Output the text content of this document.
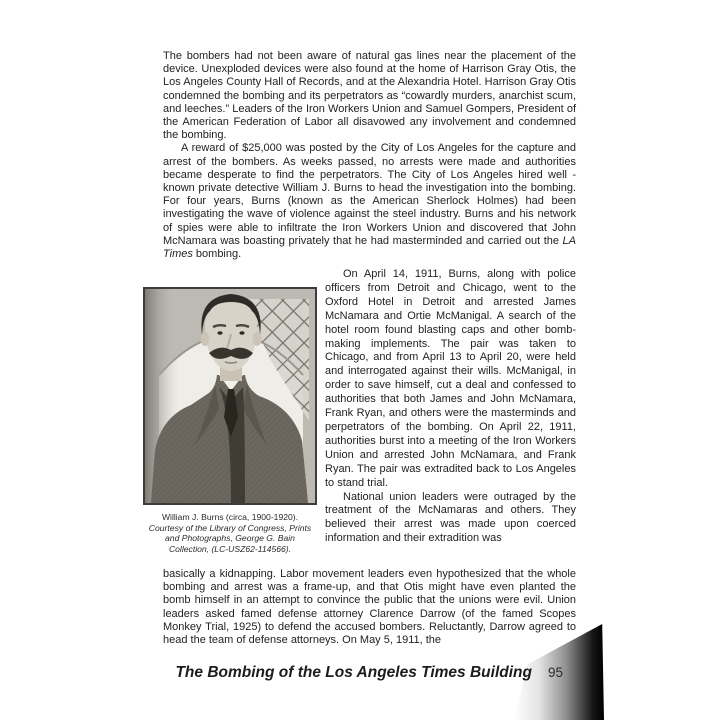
The bombers had not been aware of natural gas lines near the placement of the device. Unexploded devices were also found at the home of Harrison Gray Otis, the Los Angeles County Hall of Records, and at the Alexandria Hotel. Harrison Gray Otis condemned the bombing and its perpetrators as “cowardly murders, anarchist scum, and leeches.” Leaders of the Iron Workers Union and Samuel Gompers, President of the American Federation of Labor all disavowed any involvement and condemned the bombing.

A reward of $25,000 was posted by the City of Los Angeles for the capture and arrest of the bombers. As weeks passed, no arrests were made and authorities became desperate to find the perpetrators. The City of Los Angeles hired well -known private detective William J. Burns to head the investigation into the bombing. For four years, Burns (known as the American Sherlock Holmes) had been investigating the wave of violence against the steel industry. Burns and his network of spies were able to infiltrate the Iron Workers Union and discovered that John McNamara was boasting privately that he had masterminded and carried out the LA Times bombing.

William J. Burns (circa, 1900-1920).
Courtesy of the Library of Congress, Prints and Photographs, George G. Bain Collection, (LC-USZ62-114566).

On April 14, 1911, Burns, along with police officers from Detroit and Chicago, went to the Oxford Hotel in Detroit and arrested James McNamara and Ortie McManigal. A search of the hotel room found blasting caps and other bomb-making implements. The pair was taken to Chicago, and from April 13 to April 20, were held and interrogated against their wills. McManigal, in order to save himself, cut a deal and confessed to authorities that both James and John McNamara, Frank Ryan, and others were the masterminds and perpetrators of the bombing. On April 22, 1911, authorities burst into a meeting of the Iron Workers Union and arrested John McNamara, and Frank Ryan. The pair was extradited back to Los Angeles to stand trial.

National union leaders were outraged by the treatment of the McNamaras and others. They believed their arrest was made upon coerced information and their extradition was

basically a kidnapping. Labor movement leaders even hypothesized that the whole bombing and arrest was a frame-up, and that Otis might have even planted the bomb himself in an attempt to convince the public that the unions were evil. Union leaders asked famed defense attorney Clarence Darrow (of the famed Scopes Monkey Trial, 1925) to defend the accused bombers. Reluctantly, Darrow agreed to head the team of defense attorneys. On May 5, 1911, the

The Bombing of the Los Angeles Times Building 95
